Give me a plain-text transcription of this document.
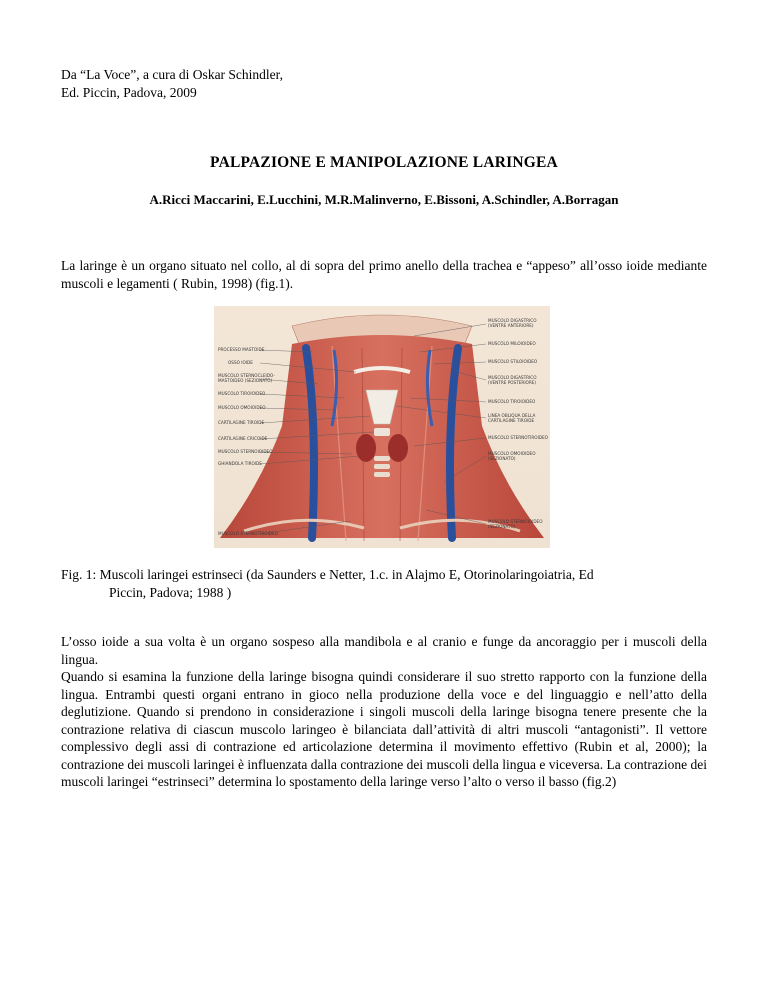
Da “La Voce”, a cura di Oskar Schindler,
Ed. Piccin, Padova, 2009
PALPAZIONE E MANIPOLAZIONE LARINGEA
A.Ricci Maccarini, E.Lucchini, M.R.Malinverno, E.Bissoni, A.Schindler, A.Borragan
La laringe è un organo situato nel collo, al di sopra del primo anello della trachea e “appeso” all’osso ioide mediante muscoli e legamenti ( Rubin, 1998) (fig.1).
PROCESSO MASTOIDE
OSSO IOIDE
MUSCOLO STERNOCLEIDO-
MASTOIDEO (SEZIONATO)
MUSCOLO TIROIOIDEO
MUSCOLO OMOIOIDEO
CARTILAGINE TIROIDE
CARTILAGINE CRICOIDE
MUSCOLO STERNOIOIDEO
GHIANDOLA TIROIDE
MUSCOLO STERNOTIROIDEO
MUSCOLO DIGASTRICO
(VENTRE ANTERIORE)
MUSCOLO MILOIOIDEO
MUSCOLO STILOIOIDEO
MUSCOLO DIGASTRICO
(VENTRE POSTERIORE)
MUSCOLO TIROIOIDEO
LINEA OBLIQUA DELLA
CARTILAGINE TIROIDE
MUSCOLO STERNOTIROIDEO
MUSCOLO OMOIOIDEO
(SEZIONATO)
MUSCOLO STERNOIOIDEO
(SEZIONATO)
Fig. 1: Muscoli laringei estrinseci (da Saunders e Netter, 1.c. in Alajmo E, Otorinolaringoiatria, Ed
Piccin, Padova; 1988 )
L’osso ioide a sua volta è un organo sospeso alla mandibola e al cranio e funge da ancoraggio per i muscoli della lingua.
Quando si esamina la funzione della laringe bisogna quindi considerare il suo stretto rapporto con la funzione della lingua. Entrambi questi organi entrano in gioco nella produzione della voce e del linguaggio e nell’atto della deglutizione. Quando si prendono in considerazione i singoli muscoli della laringe bisogna tenere presente che la contrazione relativa di ciascun muscolo laringeo è bilanciata dall’attività di altri muscoli “antagonisti”. Il vettore complessivo degli assi di contrazione ed articolazione determina il movimento effettivo (Rubin et al, 2000); la contrazione dei muscoli laringei è influenzata dalla contrazione dei muscoli della lingua e viceversa. La contrazione dei muscoli laringei “estrinseci” determina lo spostamento della laringe verso l’alto o verso il basso (fig.2)
